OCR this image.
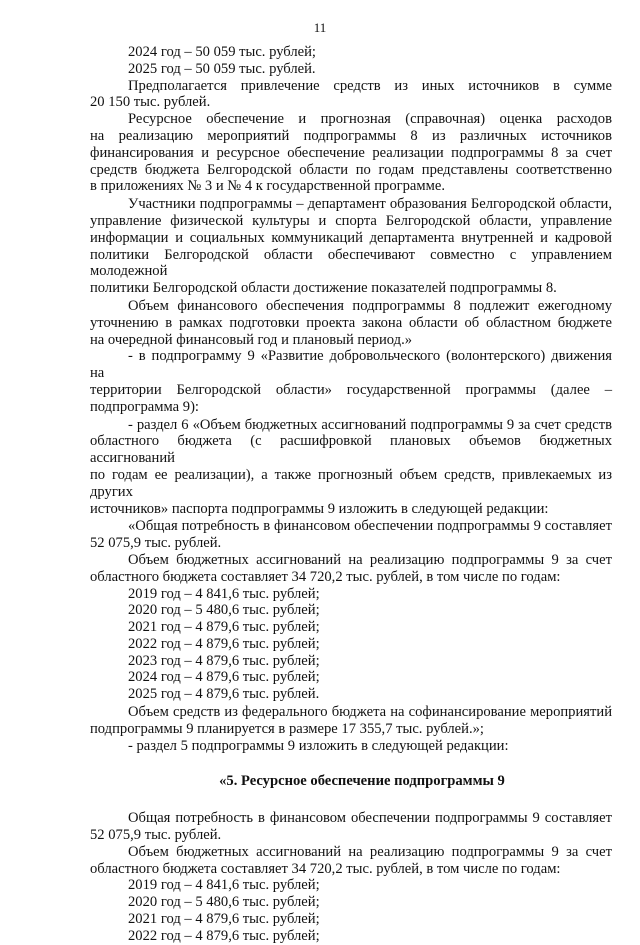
11

2024 год – 50 059 тыс. рублей;

2025 год – 50 059 тыс. рублей.

Предполагается привлечение средств из иных источников в сумме

20 150 тыс. рублей.

Ресурсное обеспечение и прогнозная (справочная) оценка расходов

на реализацию мероприятий подпрограммы 8 из различных источников

финансирования и ресурсное обеспечение реализации подпрограммы 8 за счет

средств бюджета Белгородской области по годам представлены соответственно

в приложениях № 3 и № 4 к государственной программе.

Участники подпрограммы – департамент образования Белгородской области,

управление физической культуры и спорта Белгородской области, управление

информации и социальных коммуникаций департамента внутренней и кадровой

политики Белгородской области обеспечивают совместно с управлением молодежной

политики Белгородской области достижение показателей подпрограммы 8.

Объем финансового обеспечения подпрограммы 8 подлежит ежегодному

уточнению в рамках подготовки проекта закона области об областном бюджете

на очередной финансовый год и плановый период.»

- в подпрограмму 9 «Развитие добровольческого (волонтерского) движения на

территории Белгородской области» государственной программы (далее –

подпрограмма 9):

- раздел 6 «Объем бюджетных ассигнований подпрограммы 9 за счет средств

областного бюджета (с расшифровкой плановых объемов бюджетных ассигнований

по годам ее реализации), а также прогнозный объем средств, привлекаемых из других

источников» паспорта подпрограммы 9 изложить в следующей редакции:

«Общая потребность в финансовом обеспечении подпрограммы 9 составляет

52 075,9 тыс. рублей.

Объем бюджетных ассигнований на реализацию подпрограммы 9 за счет

областного бюджета составляет 34 720,2 тыс. рублей, в том числе по годам:

2019 год – 4 841,6 тыс. рублей;

2020 год – 5 480,6 тыс. рублей;

2021 год – 4 879,6 тыс. рублей;

2022 год – 4 879,6 тыс. рублей;

2023 год – 4 879,6 тыс. рублей;

2024 год – 4 879,6 тыс. рублей;

2025 год – 4 879,6 тыс. рублей.

Объем средств из федерального бюджета на софинансирование мероприятий

подпрограммы 9 планируется в размере 17 355,7 тыс. рублей.»;

- раздел 5 подпрограммы 9 изложить в следующей редакции:

«5. Ресурсное обеспечение подпрограммы 9

Общая потребность в финансовом обеспечении подпрограммы 9 составляет

52 075,9 тыс. рублей.

Объем бюджетных ассигнований на реализацию подпрограммы 9 за счет

областного бюджета составляет 34 720,2 тыс. рублей, в том числе по годам:

2019 год – 4 841,6 тыс. рублей;

2020 год – 5 480,6 тыс. рублей;

2021 год – 4 879,6 тыс. рублей;

2022 год – 4 879,6 тыс. рублей;
